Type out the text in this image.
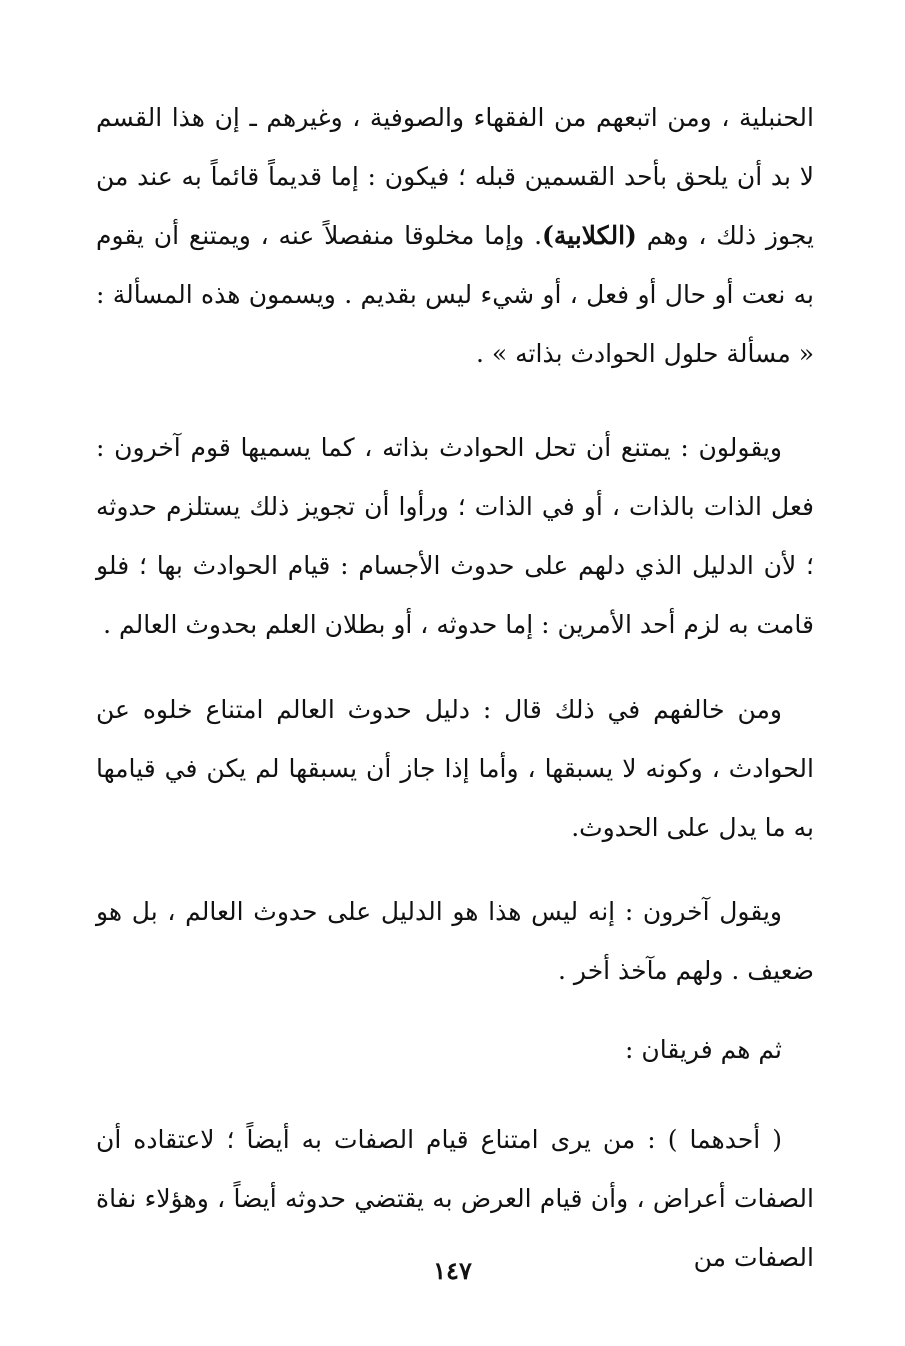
الحنبلية ، ومن اتبعهم من الفقهاء والصوفية ، وغيرهم ـ إن هذا القسم لا بد أن يلحق بأحد القسمين قبله ؛ فيكون : إما قديماً قائماً به عند من يجوز ذلك ، وهم (الكلابية). وإما مخلوقا منفصلاً عنه ، ويمتنع أن يقوم به نعت أو حال أو فعل ، أو شيء ليس بقديم . ويسمون هذه المسألة : « مسألة حلول الحوادث بذاته » .

ويقولون : يمتنع أن تحل الحوادث بذاته ، كما يسميها قوم آخرون : فعل الذات بالذات ، أو في الذات ؛ ورأوا أن تجويز ذلك يستلزم حدوثه ؛ لأن الدليل الذي دلهم على حدوث الأجسام : قيام الحوادث بها ؛ فلو قامت به لزم أحد الأمرين : إما حدوثه ، أو بطلان العلم بحدوث العالم .

ومن خالفهم في ذلك قال : دليل حدوث العالم امتناع خلوه عن الحوادث ، وكونه لا يسبقها ، وأما إذا جاز أن يسبقها لم يكن في قيامها به ما يدل على الحدوث.

ويقول آخرون : إنه ليس هذا هو الدليل على حدوث العالم ، بل هو ضعيف . ولهم مآخذ أخر .

ثم هم فريقان :

( أحدهما ) : من يرى امتناع قيام الصفات به أيضاً ؛ لاعتقاده أن الصفات أعراض ، وأن قيام العرض به يقتضي حدوثه أيضاً ، وهؤلاء نفاة الصفات من

١٤٧
